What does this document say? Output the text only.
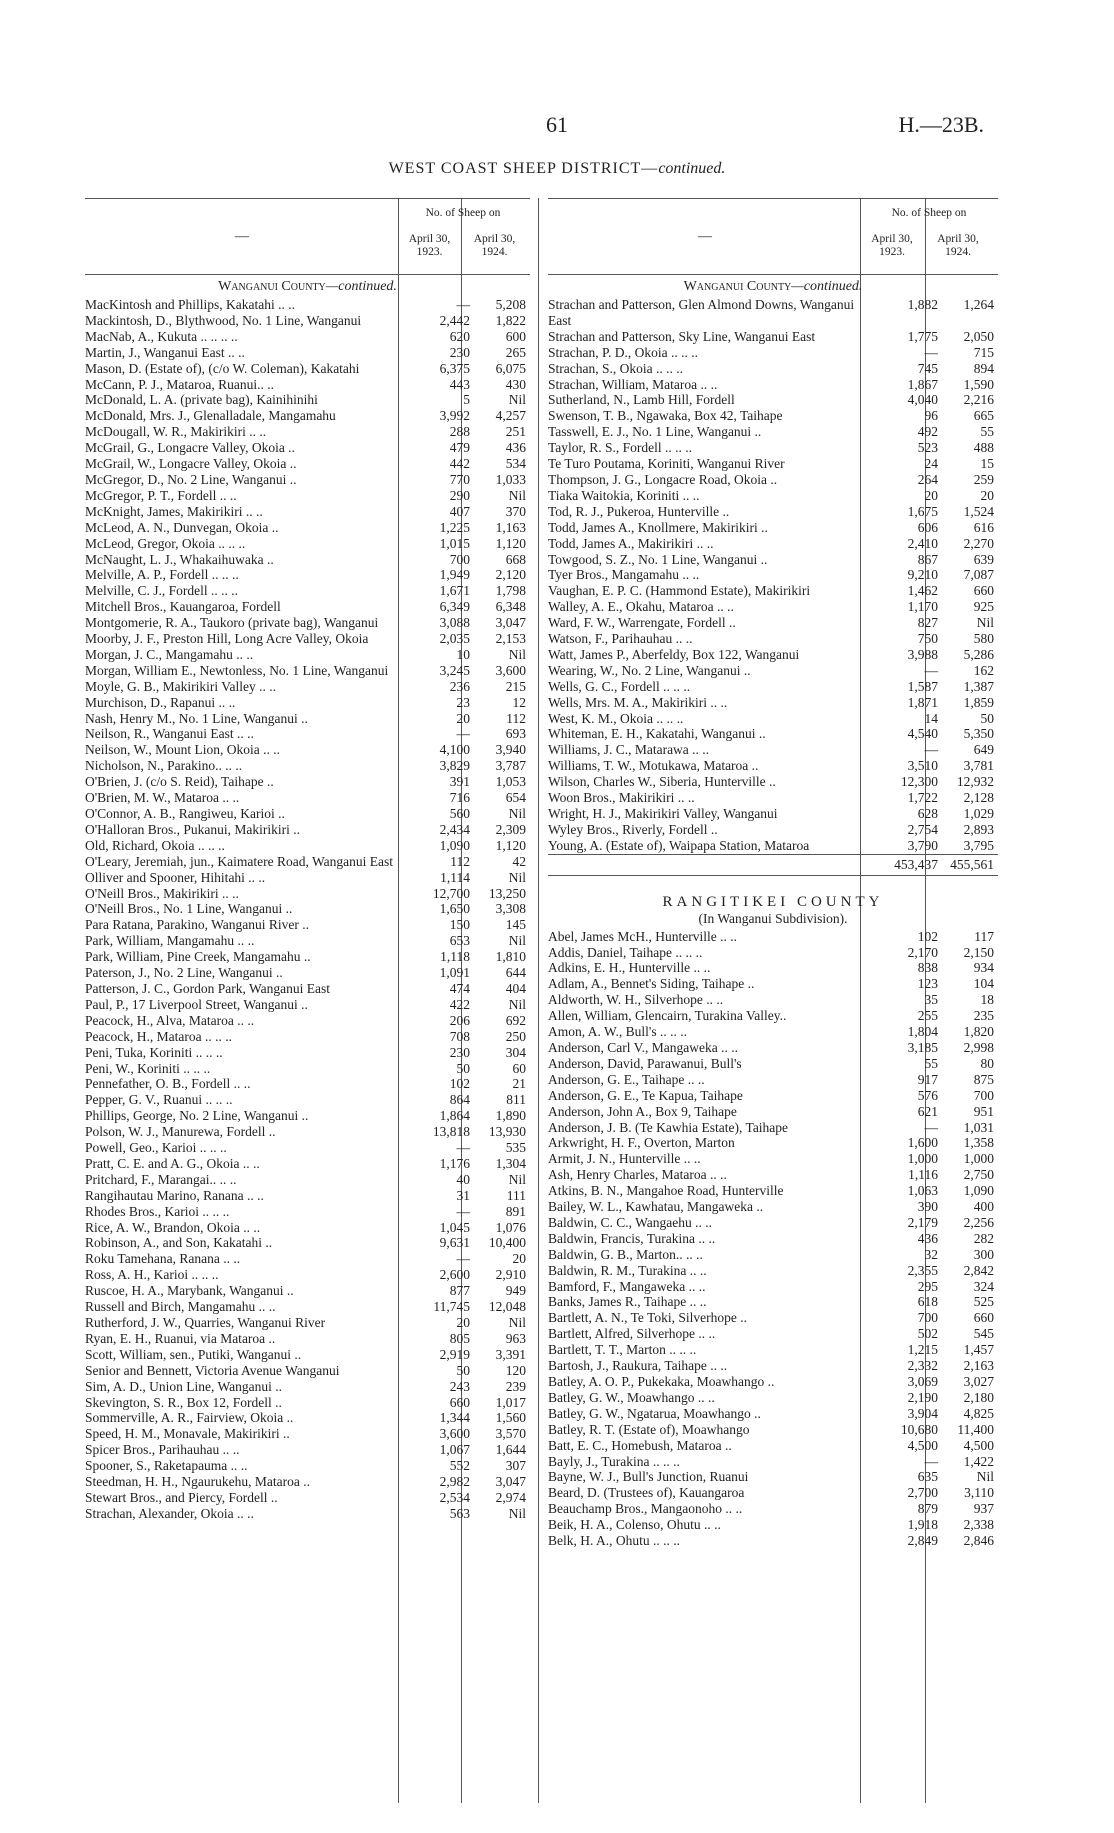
61	H.—23B.
WEST COAST SHEEP DISTRICT—continued.
—
No. of Sheep on
April 30, 1923.
April 30, 1924.
Wanganui County—continued.
MacKintosh and Phillips, Kakatahi .. ..	—	5,208
Mackintosh, D., Blythwood, No. 1 Line, Wanganui	2,442	1,822
MacNab, A., Kukuta .. .. .. ..	620	600
Martin, J., Wanganui East .. ..	230	265
Mason, D. (Estate of), (c/o W. Coleman), Kakatahi	6,375	6,075
McCann, P. J., Mataroa, Ruanui.. ..	443	430
McDonald, L. A. (private bag), Kainihinihi	5	Nil
McDonald, Mrs. J., Glenalladale, Mangamahu	3,992	4,257
McDougall, W. R., Makirikiri .. ..	288	251
McGrail, G., Longacre Valley, Okoia ..	479	436
McGrail, W., Longacre Valley, Okoia ..	442	534
McGregor, D., No. 2 Line, Wanganui ..	770	1,033
McGregor, P. T., Fordell .. ..	290	Nil
McKnight, James, Makirikiri .. ..	407	370
McLeod, A. N., Dunvegan, Okoia ..	1,225	1,163
McLeod, Gregor, Okoia .. .. ..	1,015	1,120
McNaught, L. J., Whakaihuwaka ..	700	668
Melville, A. P., Fordell .. .. ..	1,949	2,120
Melville, C. J., Fordell .. .. ..	1,671	1,798
Mitchell Bros., Kauangaroa, Fordell	6,349	6,348
Montgomerie, R. A., Taukoro (private bag), Wanganui	3,088	3,047
Moorby, J. F., Preston Hill, Long Acre Valley, Okoia	2,035	2,153
Morgan, J. C., Mangamahu .. ..	10	Nil
Morgan, William E., Newtonless, No. 1 Line, Wanganui	3,245	3,600
Moyle, G. B., Makirikiri Valley .. ..	236	215
Murchison, D., Rapanui .. ..	23	12
Nash, Henry M., No. 1 Line, Wanganui ..	20	112
Neilson, R., Wanganui East .. ..	—	693
Neilson, W., Mount Lion, Okoia .. ..	4,100	3,940
Nicholson, N., Parakino.. .. ..	3,829	3,787
O'Brien, J. (c/o S. Reid), Taihape ..	391	1,053
O'Brien, M. W., Mataroa .. ..	716	654
O'Connor, A. B., Rangiweu, Karioi ..	560	Nil
O'Halloran Bros., Pukanui, Makirikiri ..	2,434	2,309
Old, Richard, Okoia .. .. ..	1,090	1,120
O'Leary, Jeremiah, jun., Kaimatere Road, Wanganui East	112	42
Olliver and Spooner, Hihitahi .. ..	1,114	Nil
O'Neill Bros., Makirikiri .. ..	12,700	13,250
O'Neill Bros., No. 1 Line, Wanganui ..	1,650	3,308
Para Ratana, Parakino, Wanganui River ..	150	145
Park, William, Mangamahu .. ..	653	Nil
Park, William, Pine Creek, Mangamahu ..	1,118	1,810
Paterson, J., No. 2 Line, Wanganui ..	1,091	644
Patterson, J. C., Gordon Park, Wanganui East	474	404
Paul, P., 17 Liverpool Street, Wanganui ..	422	Nil
Peacock, H., Alva, Mataroa .. ..	206	692
Peacock, H., Mataroa .. .. ..	708	250
Peni, Tuka, Koriniti .. .. ..	230	304
Peni, W., Koriniti .. .. ..	50	60
Pennefather, O. B., Fordell .. ..	102	21
Pepper, G. V., Ruanui .. .. ..	864	811
Phillips, George, No. 2 Line, Wanganui ..	1,864	1,890
Polson, W. J., Manurewa, Fordell ..	13,818	13,930
Powell, Geo., Karioi .. .. ..	—	535
Pratt, C. E. and A. G., Okoia .. ..	1,176	1,304
Pritchard, F., Marangai.. .. ..	40	Nil
Rangihautau Marino, Ranana .. ..	31	111
Rhodes Bros., Karioi .. .. ..	—	891
Rice, A. W., Brandon, Okoia .. ..	1,045	1,076
Robinson, A., and Son, Kakatahi ..	9,631	10,400
Roku Tamehana, Ranana .. ..	—	20
Ross, A. H., Karioi .. .. ..	2,600	2,910
Ruscoe, H. A., Marybank, Wanganui ..	877	949
Russell and Birch, Mangamahu .. ..	11,745	12,048
Rutherford, J. W., Quarries, Wanganui River	20	Nil
Ryan, E. H., Ruanui, via Mataroa ..	805	963
Scott, William, sen., Putiki, Wanganui ..	2,919	3,391
Senior and Bennett, Victoria Avenue Wanganui	50	120
Sim, A. D., Union Line, Wanganui ..	243	239
Skevington, S. R., Box 12, Fordell ..	660	1,017
Sommerville, A. R., Fairview, Okoia ..	1,344	1,560
Speed, H. M., Monavale, Makirikiri ..	3,600	3,570
Spicer Bros., Parihauhau .. ..	1,067	1,644
Spooner, S., Raketapauma .. ..	552	307
Steedman, H. H., Ngaurukehu, Mataroa ..	2,982	3,047
Stewart Bros., and Piercy, Fordell ..	2,534	2,974
Strachan, Alexander, Okoia .. ..	563	Nil
—
No. of Sheep on
April 30, 1923.
April 30, 1924.
Wanganui County—continued.
Strachan and Patterson, Glen Almond Downs, Wanganui East	1,882	1,264
Strachan and Patterson, Sky Line, Wanganui East	1,775	2,050
Strachan, P. D., Okoia .. .. ..	—	715
Strachan, S., Okoia .. .. ..	745	894
Strachan, William, Mataroa .. ..	1,867	1,590
Sutherland, N., Lamb Hill, Fordell	4,040	2,216
Swenson, T. B., Ngawaka, Box 42, Taihape	96	665
Tasswell, E. J., No. 1 Line, Wanganui ..	492	55
Taylor, R. S., Fordell .. .. ..	523	488
Te Turo Poutama, Koriniti, Wanganui River	24	15
Thompson, J. G., Longacre Road, Okoia ..	264	259
Tiaka Waitokia, Koriniti .. ..	20	20
Tod, R. J., Pukeroa, Hunterville ..	1,675	1,524
Todd, James A., Knollmere, Makirikiri ..	606	616
Todd, James A., Makirikiri .. ..	2,410	2,270
Towgood, S. Z., No. 1 Line, Wanganui ..	867	639
Tyer Bros., Mangamahu .. ..	9,210	7,087
Vaughan, E. P. C. (Hammond Estate), Makirikiri	1,462	660
Walley, A. E., Okahu, Mataroa .. ..	1,170	925
Ward, F. W., Warrengate, Fordell ..	827	Nil
Watson, F., Parihauhau .. ..	750	580
Watt, James P., Aberfeldy, Box 122, Wanganui	3,988	5,286
Wearing, W., No. 2 Line, Wanganui ..	—	162
Wells, G. C., Fordell .. .. ..	1,587	1,387
Wells, Mrs. M. A., Makirikiri .. ..	1,871	1,859
West, K. M., Okoia .. .. ..	14	50
Whiteman, E. H., Kakatahi, Wanganui ..	4,540	5,350
Williams, J. C., Matarawa .. ..	—	649
Williams, T. W., Motukawa, Mataroa ..	3,510	3,781
Wilson, Charles W., Siberia, Hunterville ..	12,300	12,932
Woon Bros., Makirikiri .. ..	1,722	2,128
Wright, H. J., Makirikiri Valley, Wanganui	628	1,029
Wyley Bros., Riverly, Fordell ..	2,754	2,893
Young, A. (Estate of), Waipapa Station, Mataroa	3,790	3,795
	453,437	455,561
RANGITIKEI COUNTY
(In Wanganui Subdivision).
Abel, James McH., Hunterville .. ..	102	117
Addis, Daniel, Taihape .. .. ..	2,170	2,150
Adkins, E. H., Hunterville .. ..	838	934
Adlam, A., Bennet's Siding, Taihape ..	123	104
Aldworth, W. H., Silverhope .. ..	35	18
Allen, William, Glencairn, Turakina Valley..	255	235
Amon, A. W., Bull's .. .. ..	1,804	1,820
Anderson, Carl V., Mangaweka .. ..	3,185	2,998
Anderson, David, Parawanui, Bull's	55	80
Anderson, G. E., Taihape .. ..	917	875
Anderson, G. E., Te Kapua, Taihape	576	700
Anderson, John A., Box 9, Taihape	621	951
Anderson, J. B. (Te Kawhia Estate), Taihape	—	1,031
Arkwright, H. F., Overton, Marton	1,600	1,358
Armit, J. N., Hunterville .. ..	1,000	1,000
Ash, Henry Charles, Mataroa .. ..	1,116	2,750
Atkins, B. N., Mangahoe Road, Hunterville	1,063	1,090
Bailey, W. L., Kawhatau, Mangaweka ..	390	400
Baldwin, C. C., Wangaehu .. ..	2,179	2,256
Baldwin, Francis, Turakina .. ..	436	282
Baldwin, G. B., Marton.. .. ..	32	300
Baldwin, R. M., Turakina .. ..	2,355	2,842
Bamford, F., Mangaweka .. ..	295	324
Banks, James R., Taihape .. ..	618	525
Bartlett, A. N., Te Toki, Silverhope ..	700	660
Bartlett, Alfred, Silverhope .. ..	502	545
Bartlett, T. T., Marton .. .. ..	1,215	1,457
Bartosh, J., Raukura, Taihape .. ..	2,332	2,163
Batley, A. O. P., Pukekaka, Moawhango ..	3,069	3,027
Batley, G. W., Moawhango .. ..	2,190	2,180
Batley, G. W., Ngatarua, Moawhango ..	3,904	4,825
Batley, R. T. (Estate of), Moawhango	10,680	11,400
Batt, E. C., Homebush, Mataroa ..	4,500	4,500
Bayly, J., Turakina .. .. ..	—	1,422
Bayne, W. J., Bull's Junction, Ruanui	635	Nil
Beard, D. (Trustees of), Kauangaroa	2,700	3,110
Beauchamp Bros., Mangaonoho .. ..	879	937
Beik, H. A., Colenso, Ohutu .. ..	1,918	2,338
Belk, H. A., Ohutu .. .. ..	2,849	2,846
